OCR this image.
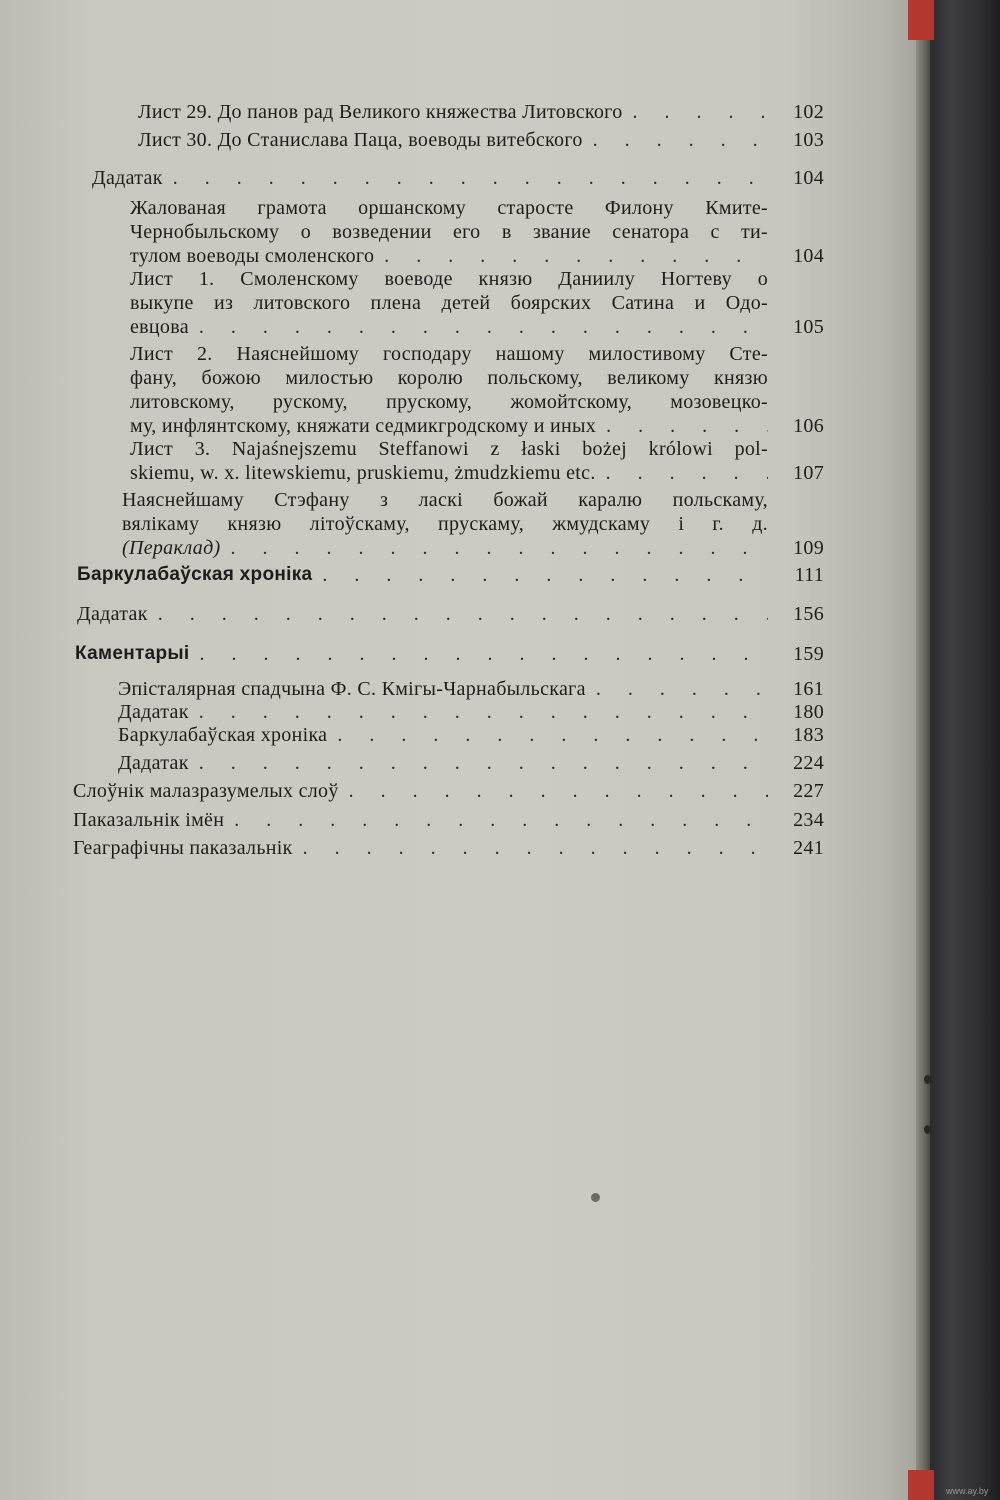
Лист 29. До панов рад Великого княжества Литовского . . .	102
Лист 30. До Станислава Паца, воеводы витебского . . .	103
Дадатак . . .	104
Жалованая грамота оршанскому старосте Филону Кмите-
Чернобыльскому о возведении его в звание сенатора с ти-
тулом воеводы смоленского . . .	104
Лист 1. Смоленскому воеводе князю Даниилу Ногтеву о
выкупе из литовского плена детей боярских Сатина и Одо-
евцова . . .	105
Лист 2. Наяснейшому господару нашому милостивому Сте-
фану, божою милостью королю польскому, великому князю
литовскому, рускому, прускому, жомойтскому, мозовецко-
му, инфлянтскому, княжати седмикгродскому и иных . . .	106
Лист 3. Najaśnejszemu Steffanowi z łaski bożej królowi pol-
skiemu, w. x. litewskiemu, pruskiemu, żmudzkiemu etc. . . .	107
Наяснейшаму Стэфану з ласкі божай каралю польскаму,
вялікаму князю літоўскаму, прускаму, жмудскаму і г. д.
(Пераклад) . . .	109
Баркулабаўская хроніка . . .	111
Дадатак . . .	156
Каментарыі . . .	159
Эпісталярная спадчына Ф. С. Кмігы-Чарнабыльскага . . .	161
Дадатак . . .	180
Баркулабаўская хроніка . . .	183
Дадатак . . .	224
Слоўнік малазразумелых слоў . . .	227
Паказальнік імён . . .	234
Геаграфічны паказальнік . . .	241
www.ay.by
